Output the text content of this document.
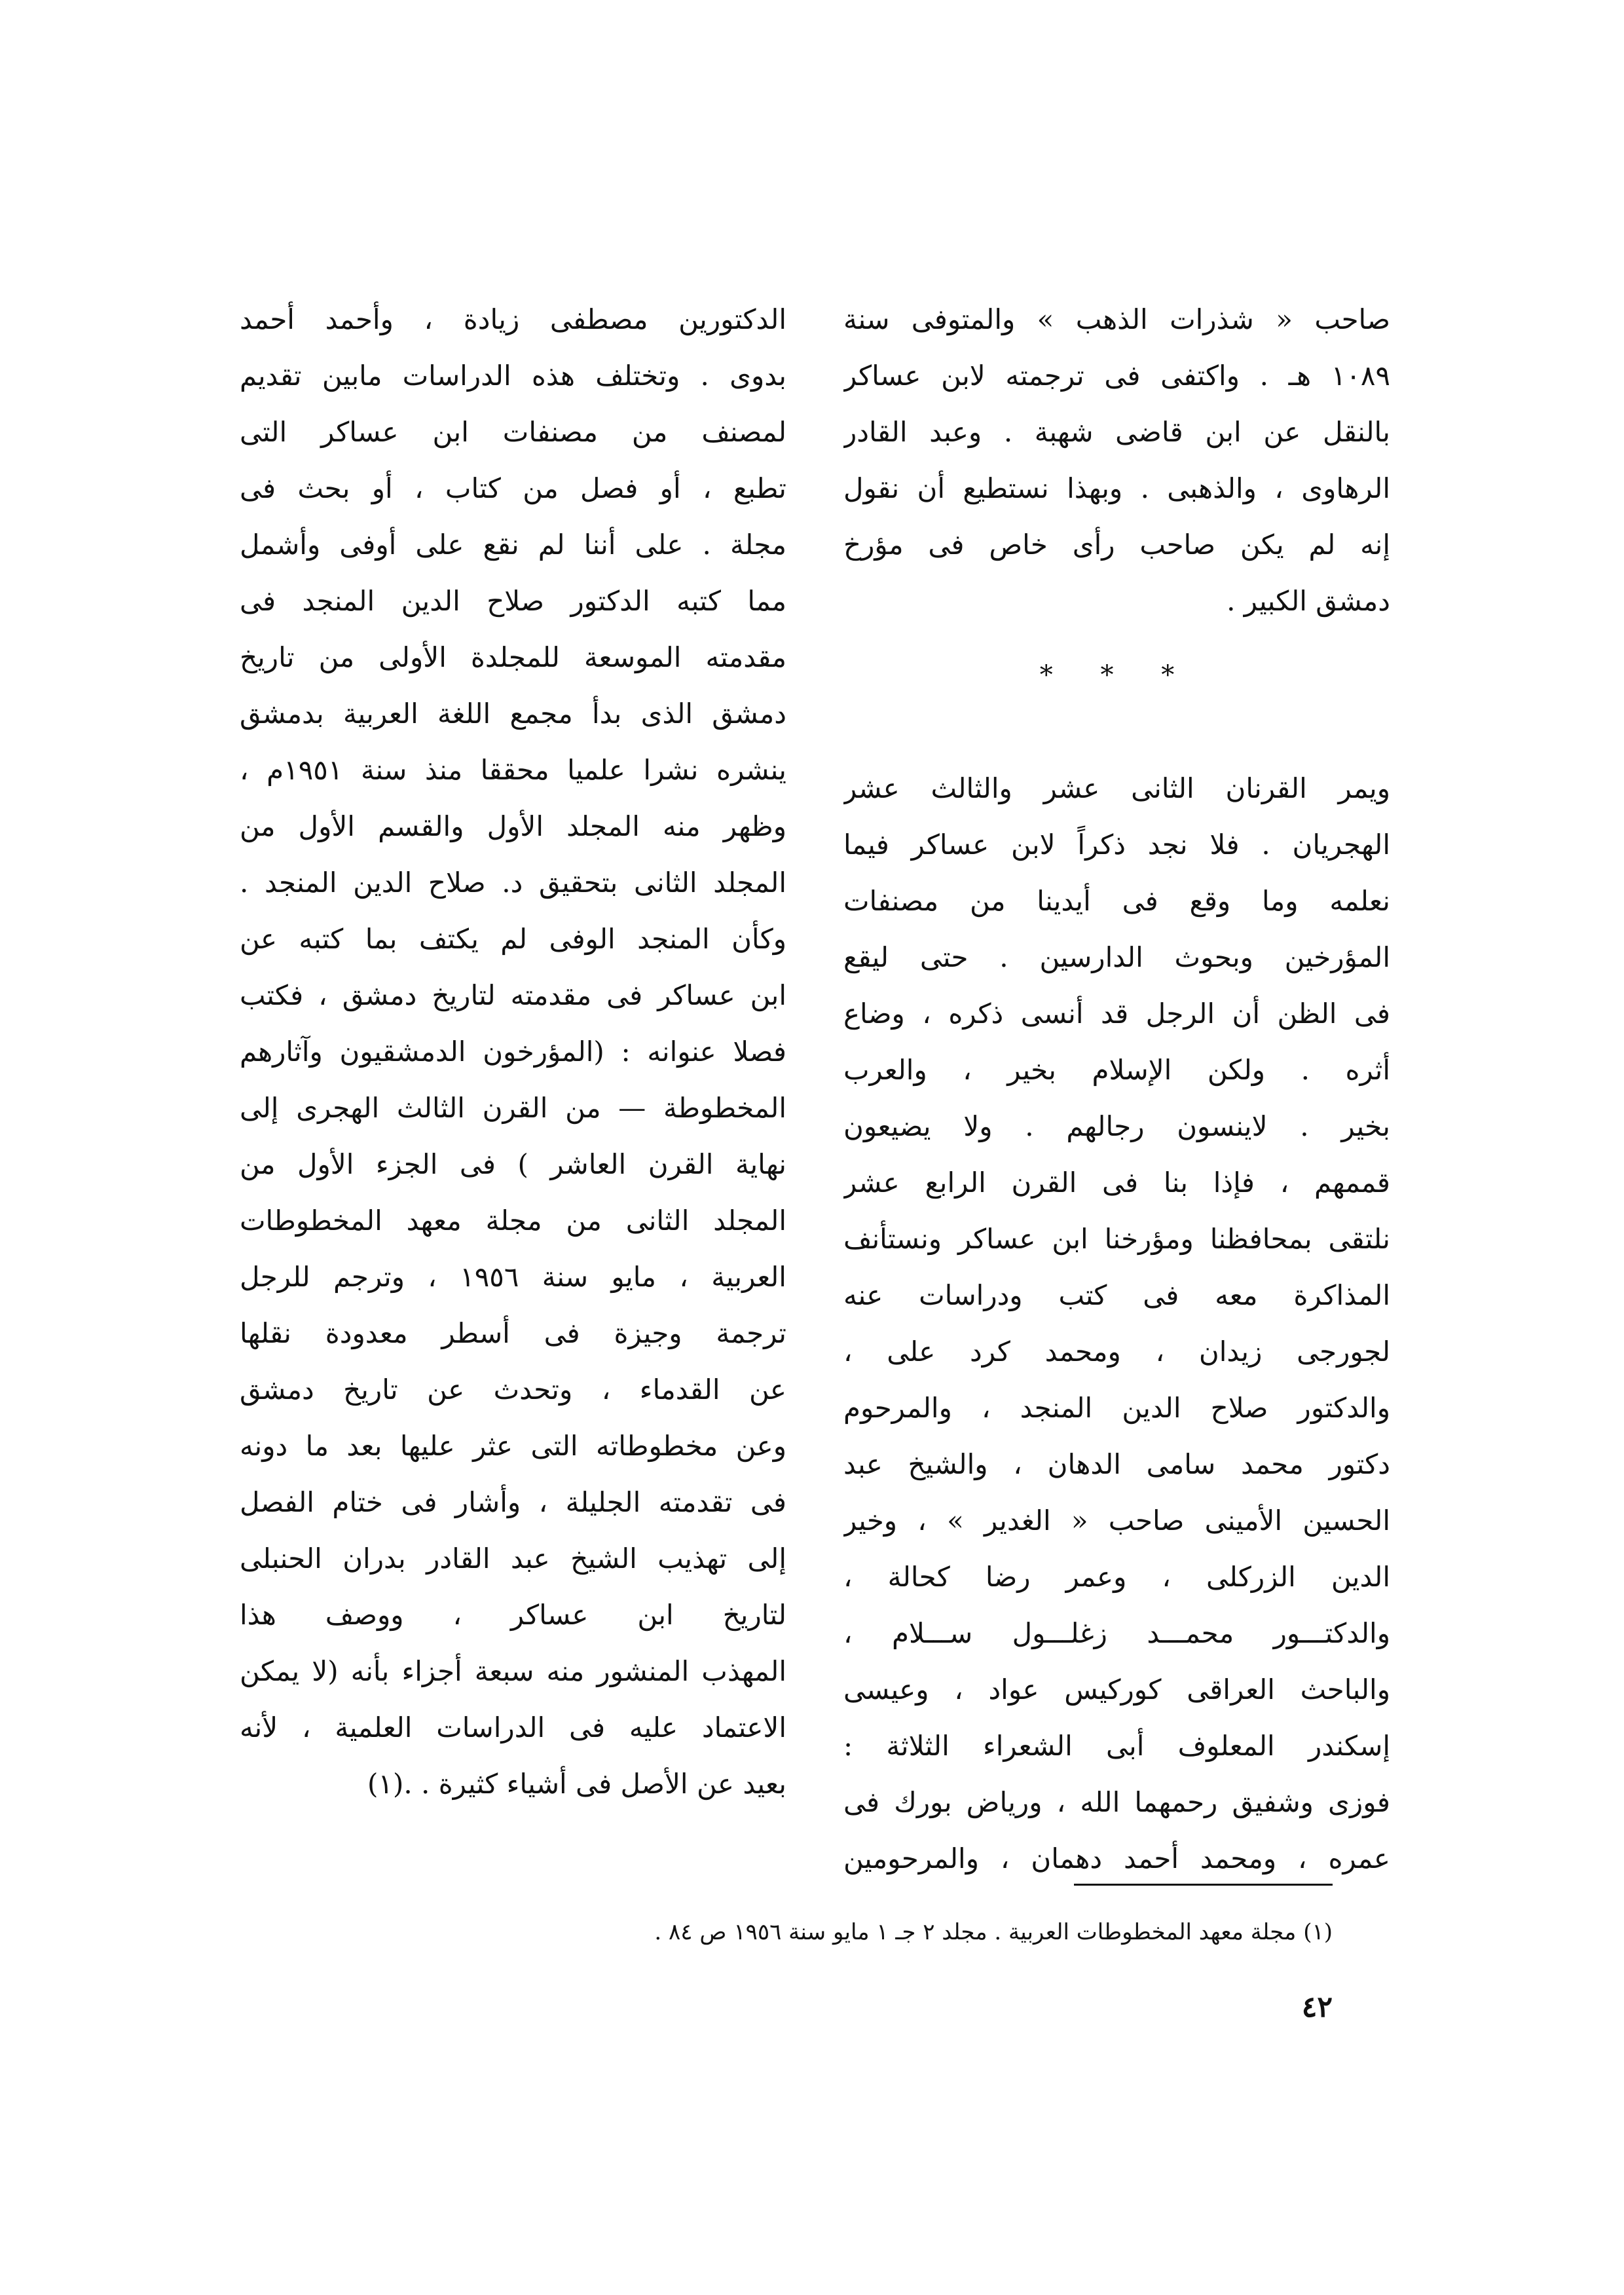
صاحب « شذرات الذهب » والمتوفى سنة
١٠٨٩ هـ . واكتفى فى ترجمته لابن عساكر
بالنقل عن ابن قاضى شهبة . وعبد القادر
الرهاوى ، والذهبى . وبهذا نستطيع أن نقول
إنه لم يكن صاحب رأى خاص فى مؤرخ
دمشق الكبير .
* * *
ويمر القرنان الثانى عشر والثالث عشر
الهجريان . فلا نجد ذكراً لابن عساكر فيما
نعلمه وما وقع فى أيدينا من مصنفات
المؤرخين وبحوث الدارسين . حتى ليقع
فى الظن أن الرجل قد أنسى ذكره ، وضاع
أثره . ولكن الإسلام بخير ، والعرب
بخير . لاينسون رجالهم . ولا يضيعون
قممهم ، فإذا بنا فى القرن الرابع عشر
نلتقى بمحافظنا ومؤرخنا ابن عساكر ونستأنف
المذاكرة معه فى كتب ودراسات عنه
لجورجى زيدان ، ومحمد كرد على ،
والدكتور صلاح الدين المنجد ، والمرحوم
دكتور محمد سامى الدهان ، والشيخ عبد
الحسين الأمينى صاحب « الغدير » ، وخير
الدين الزركلى ، وعمر رضا كحالة ،
والدكتـــور محمـــد زغلـــول ســـلام ،
والباحث العراقى كوركيس عواد ، وعيسى
إسكندر المعلوف أبى الشعراء الثلاثة :
فوزى وشفيق رحمهما الله ، ورياض بورك فى
عمره ، ومحمد أحمد دهمان ، والمرحومين
الدكتورين مصطفى زيادة ، وأحمد أحمد
بدوى . وتختلف هذه الدراسات مابين تقديم
لمصنف من مصنفات ابن عساكر التى
تطبع ، أو فصل من كتاب ، أو بحث فى
مجلة . على أننا لم نقع على أوفى وأشمل
مما كتبه الدكتور صلاح الدين المنجد فى
مقدمته الموسعة للمجلدة الأولى من تاريخ
دمشق الذى بدأ مجمع اللغة العربية بدمشق
ينشره نشرا علميا محققا منذ سنة ١٩٥١م ،
وظهر منه المجلد الأول والقسم الأول من
المجلد الثانى بتحقيق د. صلاح الدين المنجد .
وكأن المنجد الوفى لم يكتف بما كتبه عن
ابن عساكر فى مقدمته لتاريخ دمشق ، فكتب
فصلا عنوانه : (المؤرخون الدمشقيون وآثارهم
المخطوطة — من القرن الثالث الهجرى إلى
نهاية القرن العاشر ) فى الجزء الأول من
المجلد الثانى من مجلة معهد المخطوطات
العربية ، مايو سنة ١٩٥٦ ، وترجم للرجل
ترجمة وجيزة فى أسطر معدودة نقلها
عن القدماء ، وتحدث عن تاريخ دمشق
وعن مخطوطاته التى عثر عليها بعد ما دونه
فى تقدمته الجليلة ، وأشار فى ختام الفصل
إلى تهذيب الشيخ عبد القادر بدران الحنبلى
لتاريخ ابن عساكر ، ووصف هذا
المهذب المنشور منه سبعة أجزاء بأنه (لا يمكن
الاعتماد عليه فى الدراسات العلمية ، لأنه
بعيد عن الأصل فى أشياء كثيرة . .(١)
(١) مجلة معهد المخطوطات العربية . مجلد ٢ جـ ١ مايو سنة ١٩٥٦ ص ٨٤ .
٤٢
